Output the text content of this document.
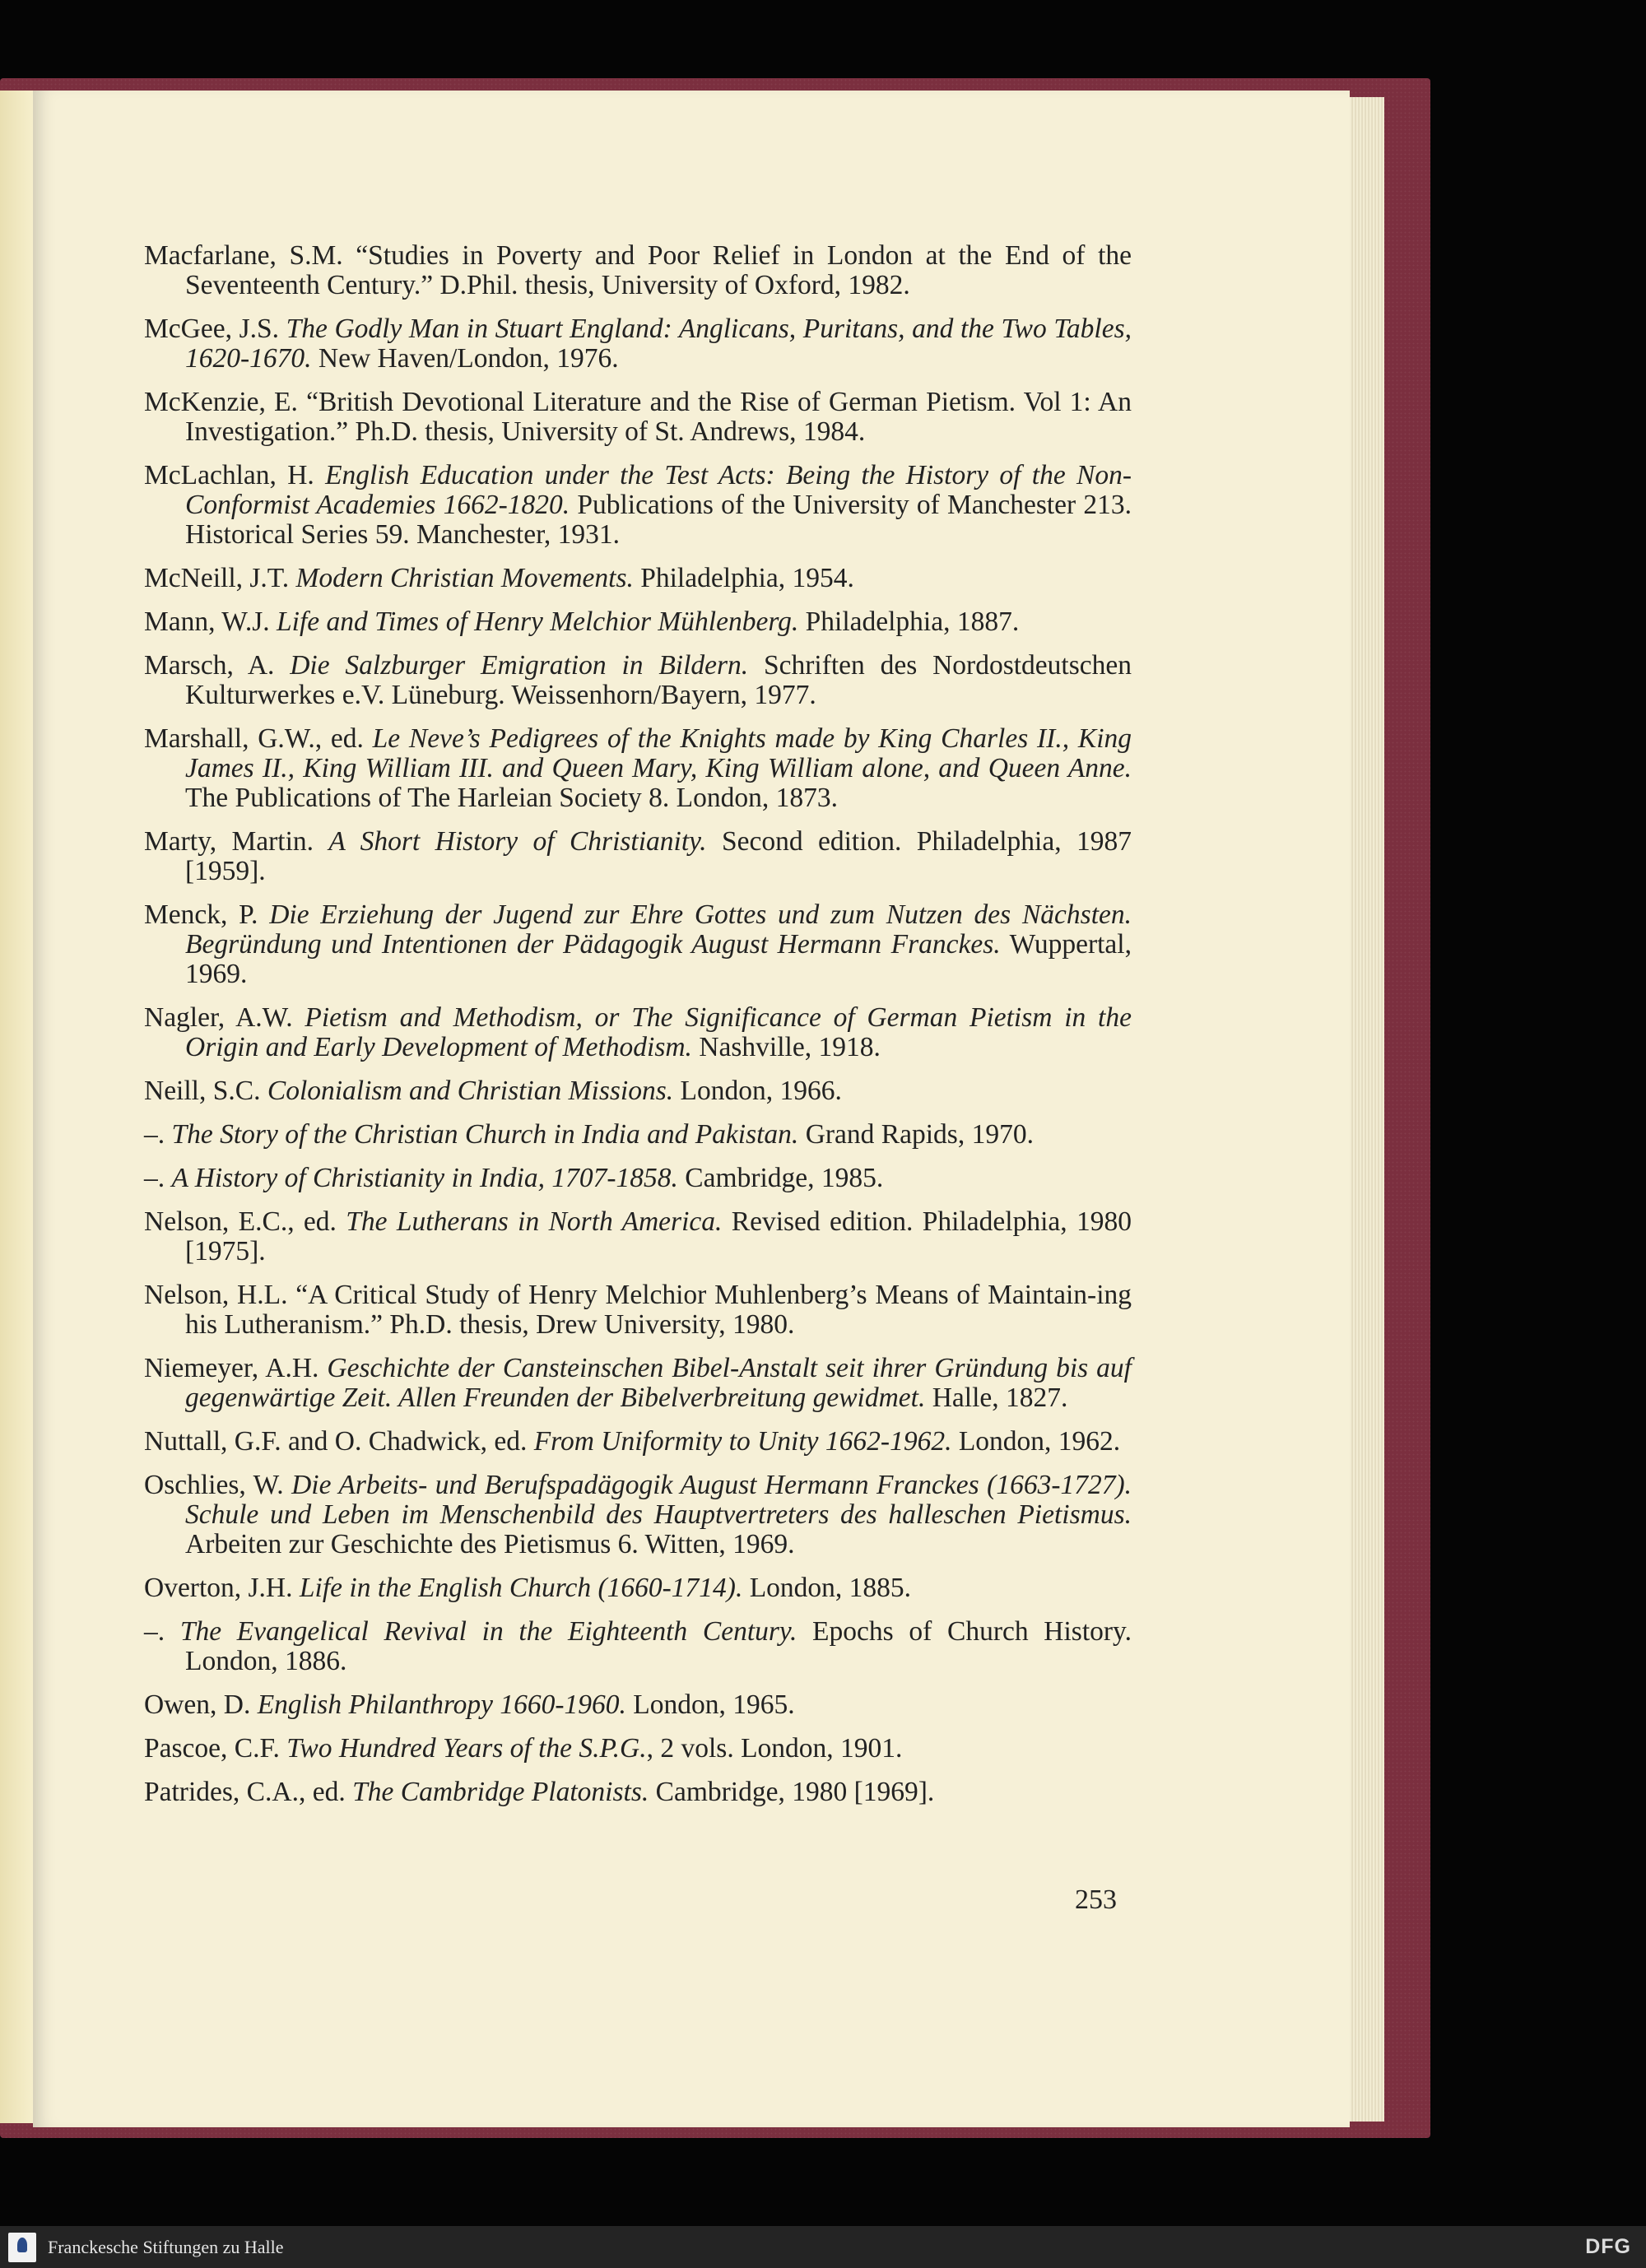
Macfarlane, S.M. “Studies in Poverty and Poor Relief in London at the End of the Seventeenth Century.” D.Phil. thesis, University of Oxford, 1982.

McGee, J.S. The Godly Man in Stuart England: Anglicans, Puritans, and the Two Tables, 1620-1670. New Haven/London, 1976.

McKenzie, E. “British Devotional Literature and the Rise of German Pietism. Vol 1: An Investigation.” Ph.D. thesis, University of St. Andrews, 1984.

McLachlan, H. English Education under the Test Acts: Being the History of the Non-Conformist Academies 1662-1820. Publications of the University of Manchester 213. Historical Series 59. Manchester, 1931.

McNeill, J.T. Modern Christian Movements. Philadelphia, 1954.

Mann, W.J. Life and Times of Henry Melchior Mühlenberg. Philadelphia, 1887.

Marsch, A. Die Salzburger Emigration in Bildern. Schriften des Nordostdeutschen Kulturwerkes e.V. Lüneburg. Weissenhorn/Bayern, 1977.

Marshall, G.W., ed. Le Neve’s Pedigrees of the Knights made by King Charles II., King James II., King William III. and Queen Mary, King William alone, and Queen Anne. The Publications of The Harleian Society 8. London, 1873.

Marty, Martin. A Short History of Christianity. Second edition. Philadelphia, 1987 [1959].

Menck, P. Die Erziehung der Jugend zur Ehre Gottes und zum Nutzen des Nächsten. Begründung und Intentionen der Pädagogik August Hermann Franckes. Wuppertal, 1969.

Nagler, A.W. Pietism and Methodism, or The Significance of German Pietism in the Origin and Early Development of Methodism. Nashville, 1918.

Neill, S.C. Colonialism and Christian Missions. London, 1966.

–. The Story of the Christian Church in India and Pakistan. Grand Rapids, 1970.

–. A History of Christianity in India, 1707-1858. Cambridge, 1985.

Nelson, E.C., ed. The Lutherans in North America. Revised edition. Philadelphia, 1980 [1975].

Nelson, H.L. “A Critical Study of Henry Melchior Muhlenberg’s Means of Maintain-ing his Lutheranism.” Ph.D. thesis, Drew University, 1980.

Niemeyer, A.H. Geschichte der Cansteinschen Bibel-Anstalt seit ihrer Gründung bis auf gegenwärtige Zeit. Allen Freunden der Bibelverbreitung gewidmet. Halle, 1827.

Nuttall, G.F. and O. Chadwick, ed. From Uniformity to Unity 1662-1962. London, 1962.

Oschlies, W. Die Arbeits- und Berufspadägogik August Hermann Franckes (1663-1727). Schule und Leben im Menschenbild des Hauptvertreters des halleschen Pietismus. Arbeiten zur Geschichte des Pietismus 6. Witten, 1969.

Overton, J.H. Life in the English Church (1660-1714). London, 1885.

–. The Evangelical Revival in the Eighteenth Century. Epochs of Church History. London, 1886.

Owen, D. English Philanthropy 1660-1960. London, 1965.

Pascoe, C.F. Two Hundred Years of the S.P.G., 2 vols. London, 1901.

Patrides, C.A., ed. The Cambridge Platonists. Cambridge, 1980 [1969].

253
Franckesche Stiftungen zu Halle	DFG
